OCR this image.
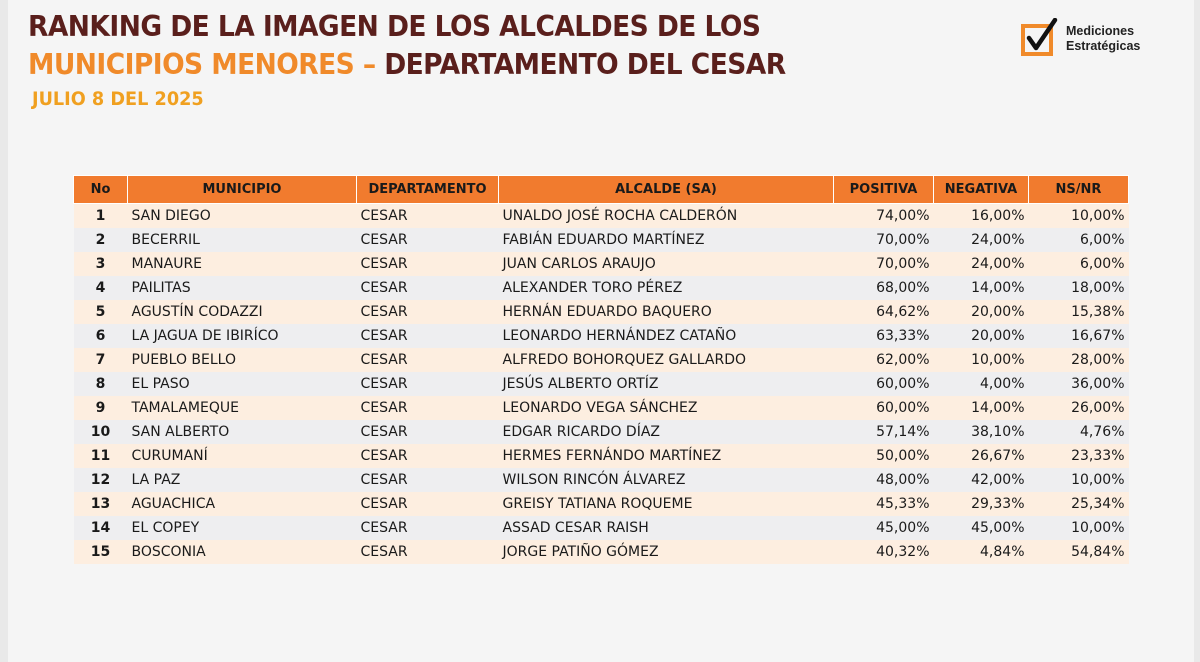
RANKING DE LA IMAGEN DE LOS ALCALDES DE LOS
MUNICIPIOS MENORES – DEPARTAMENTO DEL CESAR
JULIO 8 DEL 2025
Mediciones
Estratégicas
No	MUNICIPIO	DEPARTAMENTO	ALCALDE (SA)	POSITIVA	NEGATIVA	NS/NR
1	SAN DIEGO	CESAR	UNALDO JOSÉ ROCHA CALDERÓN	74,00%	16,00%	10,00%
2	BECERRIL	CESAR	FABIÁN EDUARDO MARTÍNEZ	70,00%	24,00%	6,00%
3	MANAURE	CESAR	JUAN CARLOS ARAUJO	70,00%	24,00%	6,00%
4	PAILITAS	CESAR	ALEXANDER TORO PÉREZ	68,00%	14,00%	18,00%
5	AGUSTÍN CODAZZI	CESAR	HERNÁN EDUARDO BAQUERO	64,62%	20,00%	15,38%
6	LA JAGUA DE IBIRÍCO	CESAR	LEONARDO HERNÁNDEZ CATAÑO	63,33%	20,00%	16,67%
7	PUEBLO BELLO	CESAR	ALFREDO BOHORQUEZ GALLARDO	62,00%	10,00%	28,00%
8	EL PASO	CESAR	JESÚS ALBERTO ORTÍZ	60,00%	4,00%	36,00%
9	TAMALAMEQUE	CESAR	LEONARDO VEGA SÁNCHEZ	60,00%	14,00%	26,00%
10	SAN ALBERTO	CESAR	EDGAR RICARDO DÍAZ	57,14%	38,10%	4,76%
11	CURUMANÍ	CESAR	HERMES FERNÁNDO MARTÍNEZ	50,00%	26,67%	23,33%
12	LA PAZ	CESAR	WILSON RINCÓN ÁLVAREZ	48,00%	42,00%	10,00%
13	AGUACHICA	CESAR	GREISY TATIANA ROQUEME	45,33%	29,33%	25,34%
14	EL COPEY	CESAR	ASSAD CESAR RAISH	45,00%	45,00%	10,00%
15	BOSCONIA	CESAR	JORGE PATIÑO GÓMEZ	40,32%	4,84%	54,84%
